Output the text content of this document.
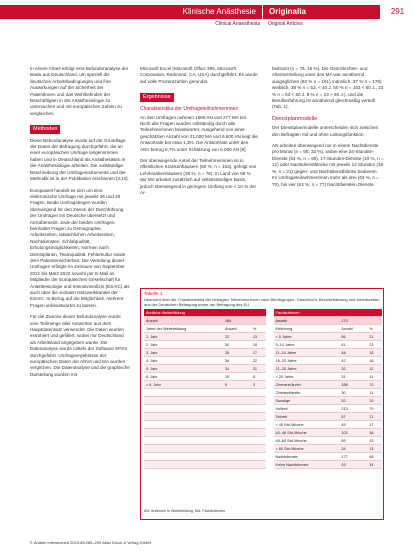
Klinische Anästhesie	Originalia	291
Clinical Anaesthesia Original Articles

In einem Arbeit erfolgt eine Befunderanalyse der Basis aus Deutschland, um speziell die deutschen Arbeitsbedingungen und ihre Auswirkungen auf die Sicherheit der Patientinnen und das Wohlbefinden der Beschäftigten in der Anästhesiologie zu untersuchen und mit europäischen Zahlen zu vergleichen.

Methoden

Diese Befundanalyse wurde auf der Grundlage der Daten der Befragung durchgeführt, die an einer europäischen Umfrage teilgenommen haben und in Deutschland als Anästhesisten in der Anästhesiologie arbeiten. Die vollständige Beschreibung der Umfrageinstrumente und der Methodik ist in der Publikation erschienen [3,10].

Europaweit handelt es sich um eine elektronische Umfrage mit jeweils 36 und 29 Fragen. Beide Umfragebögen wurden überwiegend für den Zweck der Durchführung der Umfragen ins Deutsche übersetzt und rückübersetzt. Jede der beiden Umfragen beinhaltet Fragen zu Demographie, Arbeitszeiten, tatsächlichen Arbeitszeiten, Nachtdiensten, Schlafqualität, Erholungsmöglichkeiten, Normen nach Dienstplänen, Teamqualität, Fehlerkultur sowie dem Patientensicherheit. Die Verteilung dieser Umfragen erfolgte im Zeitraum von September 2021 bis März 2022 sowohl per E-Mail an Mitglieder der Europäischen Gesellschaft für Anästhesiologie und Intensivmedizin (ESAIC) als auch über die sozialen Netzwerkkanäle der ESAIC. In Bezug auf die Möglichkeit, mehrere Fragen unbeantwortet zu lassen.

Für die Zwecke dieser Befundanalyse wurde eine Teilmenge aller Antworten aus dem Hauptdatensatz verwendet. Die Daten wurden extrahiert und gefiltert, wobei nur Deutschland als Arbeitsland angegeben wurde. Die Datenanalyse wurde mittels der Software SPSS durchgeführt. Umfrageergebnisse der europäischen Daten der ANVA und MA wurden verglichen. Die Datenanalyse und die graphische Darstellung wurden mit

Microsoft Excel (Microsoft Office 365, Microsoft Corporation, Redmond, CA, USA) durchgeführt. Es wurde auf volle Prozentzahlen gerundet.

Ergebnisse
Charakteristika der Umfrageteilnehmerinnen

An den Umfragen nahmen 1566 AN und 277 MA teil. Nicht alle Fragen wurden vollständig durch alle Teilnehmerinnen beantwortet. Ausgehend von einer geschätzten Anzahl von 21.000 MA und 9.600 AN liegt die Antwortrate bei etwa 1,3%. Die Antwortrate unter den ANV betrug 6,7% unter Schätzung von 6.000 AN [9].

Der überwiegende Anteil der Teilnehmerinnen ist in öffentlichen Krankenhäusern (60 %, n = 163), gefolgt von Lehrkrankenhäusern (28 %, n = 76). In Land von 59 % der MA arbeitet zusätzlich auf selbstständiger Basis, jedoch überwiegend in geringem Umfang von < 10 % der Ar-

beitszeit (n = 75, 16 %). Die Geschlechter- und Altersverteilung unter den MA war annähernd ausgeglichen (63 % n = 161) männlich, 37 % n = 176) weiblich, 38 % n = 53, < 40 J. 50 % n = 153 < 50 J., 23 % n = 53 < 60 J. 8 % n = 23 > 60 J.), und die Berufserfahrung ist annähernd gleichmäßig verteilt (Tab. 1).

Dienstplanmodelle

Der Dienstplanmodelle unterscheiden sich zwischen den Befragten mit und ohne Leitungsfunktion.

AN arbeiten überwiegend nur in einem Nachtdienste pro Monat (n = 58, 33 %), wobei eine 24-Stunden-Dienste (53 %, n = 60), 17-Stunden-Dienste (10 %, n = 12) oder Nachtdienstblöcke mit jeweils 12 Stunden (18 %, n = 21) gegen- und Nachtdienstblöcke bedienen. Im Umfrageteilnehmerinnen mehr als drei (63 %, n = 70), bis vier (63 %, n = 77) Nachtdiensten Dienste.

Tabelle 1
Übersicht über die Charakteristika der befragten Teilnehmerinnen nach Berufsgruppe, Geschlecht, Berufserfahrung und Arbeitszeiten aus der Deutschen Befragung sowie der Befragung des EU.
Ärztliche Weiterbildung				Fachärztinnen		
Anzahl	165			Anzahl	270	
Jahre der Weiterbildung	Anzahl	%		Erfahrung	Anzahl	%
1. Jahr	22	13		< 5 Jahre	56	21
2. Jahr	30	18		5–10 Jahre	61	23
3. Jahr	28	17		11–15 Jahre	48	18
4. Jahr	36	22		16–20 Jahre	42	16
5. Jahr	34	21		21–25 Jahre	32	12
6. Jahr	10	6		> 25 Jahre	31	11
> 6. Jahr	5	3		Oberarzt/ärztin	188	70
				Chefarzt/ärztin	30	11
				Sonstige	52	19
				Vollzeit	213	79
				Teilzeit	57	21
				< 40 Std./Woche	45	17
				40–48 Std./Woche	102	38
				49–60 Std./Woche	89	33
				> 60 Std./Woche	34	13
				Nachtdienste	177	66
				Keine Nachtdienste	93	34
AN: Ärztinnen in Weiterbildung; MA: Fachärztinnen.
© Anästh Intensivmed 2024;65:289–299 Aktiv Druck & Verlag GmbH
